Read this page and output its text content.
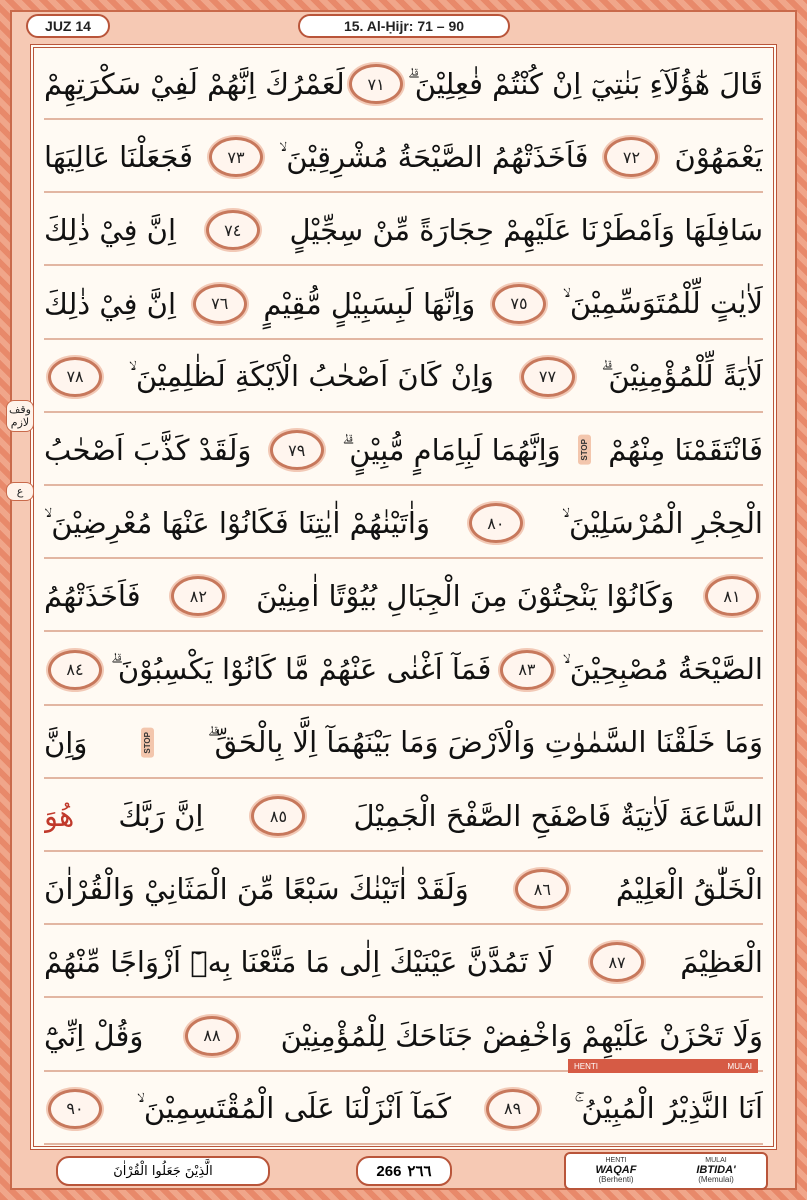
JUZ 14	15. Al-Ḥijr: 71 – 90
وقف لازم
ع
قَالَ هٰٓؤُلَآءِ بَنٰتِيٓ اِنْ كُنْتُمْ فٰعِلِيْنَ ۗ
٧١
لَعَمْرُكَ اِنَّهُمْ لَفِيْ سَكْرَتِهِمْ
يَعْمَهُوْنَ
٧٢
فَاَخَذَتْهُمُ الصَّيْحَةُ مُشْرِقِيْنَ ۙ
٧٣
فَجَعَلْنَا عَالِيَهَا
سَافِلَهَا وَاَمْطَرْنَا عَلَيْهِمْ حِجَارَةً مِّنْ سِجِّيْلٍ
٧٤
اِنَّ فِيْ ذٰلِكَ
لَاٰيٰتٍ لِّلْمُتَوَسِّمِيْنَ ۙ
٧٥
وَاِنَّهَا لَبِسَبِيْلٍ مُّقِيْمٍ
٧٦
اِنَّ فِيْ ذٰلِكَ
لَاٰيَةً لِّلْمُؤْمِنِيْنَ ۗ
٧٧
وَاِنْ كَانَ اَصْحٰبُ الْاَيْكَةِ لَظٰلِمِيْنَ ۙ
٧٨
فَانْتَقَمْنَا مِنْهُمْ
STOP
وَاِنَّهُمَا لَبِاِمَامٍ مُّبِيْنٍ ۗ
٧٩
وَلَقَدْ كَذَّبَ اَصْحٰبُ
الْحِجْرِ الْمُرْسَلِيْنَ ۙ
٨٠
وَاٰتَيْنٰهُمْ اٰيٰتِنَا فَكَانُوْا عَنْهَا مُعْرِضِيْنَ ۙ
٨١
وَكَانُوْا يَنْحِتُوْنَ مِنَ الْجِبَالِ بُيُوْتًا اٰمِنِيْنَ
٨٢
فَاَخَذَتْهُمُ
الصَّيْحَةُ مُصْبِحِيْنَ ۙ
٨٣
فَمَآ اَغْنٰى عَنْهُمْ مَّا كَانُوْا يَكْسِبُوْنَ ۗ
٨٤
وَمَا خَلَقْنَا السَّمٰوٰتِ وَالْاَرْضَ وَمَا بَيْنَهُمَآ اِلَّا بِالْحَقِّ ۗ
STOP
وَاِنَّ
السَّاعَةَ لَاٰتِيَةٌ فَاصْفَحِ الصَّفْحَ الْجَمِيْلَ
٨٥
اِنَّ رَبَّكَ
هُوَ
الْخَلّٰقُ الْعَلِيْمُ
٨٦
وَلَقَدْ اٰتَيْنٰكَ سَبْعًا مِّنَ الْمَثَانِيْ وَالْقُرْاٰنَ
الْعَظِيْمَ
٨٧
لَا تَمُدَّنَّ عَيْنَيْكَ اِلٰى مَا مَتَّعْنَا بِهٖٓ اَزْوَاجًا مِّنْهُمْ
وَلَا تَحْزَنْ عَلَيْهِمْ وَاخْفِضْ جَنَاحَكَ لِلْمُؤْمِنِيْنَ
٨٨
وَقُلْ اِنِّيْٓ
اَنَا النَّذِيْرُ الْمُبِيْنُ ۚ
٨٩
كَمَآ اَنْزَلْنَا عَلَى الْمُقْتَسِمِيْنَ ۙ
٩٠
HENTI	MULAI
الَّذِيْنَ جَعَلُوا الْقُرْاٰنَ	266 ٢٦٦
HENTI
WAQAF
(Berhenti)
MULAI
IBTIDA'
(Memulai)
